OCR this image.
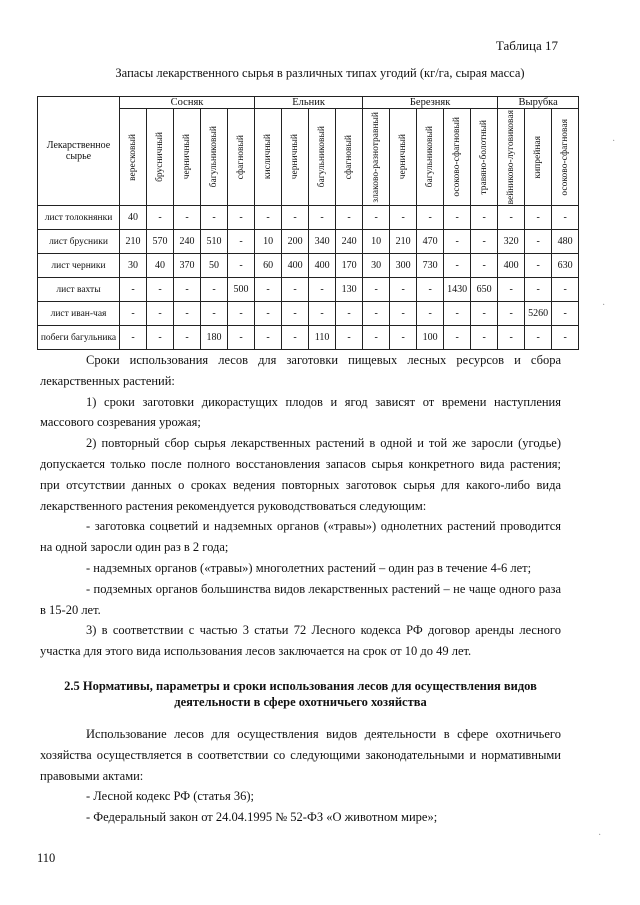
Таблица 17
Запасы лекарственного сырья в различных типах угодий (кг/га, сырая масса)
Лекарственное сырье	Сосняк					Ельник				Березняк					Вырубка		

	вересковый	брусничный	черничный	багульниковый	сфагновый	кисличный	черничный	багульниковый	сфагновый	злаково-разнотравный	черничный	багульниковый	осоково-сфагновый	травяно-болотный	вейниково-луговиковая	кипрейная	осоково-сфагновая

лист толокнянки	40	-	-	-	-	-	-	-	-	-	-	-	-	-	-	-	-
лист брусники	210	570	240	510	-	10	200	340	240	10	210	470	-	-	320	-	480
лист черники	30	40	370	50	-	60	400	400	170	30	300	730	-	-	400	-	630
лист вахты	-	-	-	-	500	-	-	-	130	-	-	-	1430	650	-	-	-
лист иван-чая	-	-	-	-	-	-	-	-	-	-	-	-	-	-	-	5260	-
побеги багульника	-	-	-	180	-	-	-	110	-	-	-	100	-	-	-	-	-

Сроки использования лесов для заготовки пищевых лесных ресурсов и сбора лекарственных растений:

1) сроки заготовки дикорастущих плодов и ягод зависят от времени наступления массового созревания урожая;

2) повторный сбор сырья лекарственных растений в одной и той же заросли (угодье) допускается только после полного восстановления запасов сырья конкретного вида растения; при отсутствии данных о сроках ведения повторных заготовок сырья для какого-либо вида лекарственного растения рекомендуется руководствоваться следующим:

- заготовка соцветий и надземных органов («травы») однолетних растений проводится на одной заросли один раз в 2 года;

- надземных органов («травы») многолетних растений – один раз в течение 4-6 лет;

- подземных органов большинства видов лекарственных растений – не чаще одного раза в 15-20 лет.

3) в соответствии с частью 3 статьи 72 Лесного кодекса РФ договор аренды лесного участка для этого вида использования лесов заключается на срок от 10 до 49 лет.

2.5 Нормативы, параметры и сроки использования лесов для осуществления видов деятельности в сфере охотничьего хозяйства

Использование лесов для осуществления видов деятельности в сфере охотничьего хозяйства осуществляется в соответствии со следующими законодательными и нормативными правовыми актами:

- Лесной кодекс РФ (статья 36);

- Федеральный закон от 24.04.1995 № 52-ФЗ «О животном мире»;

110
·
·
·
